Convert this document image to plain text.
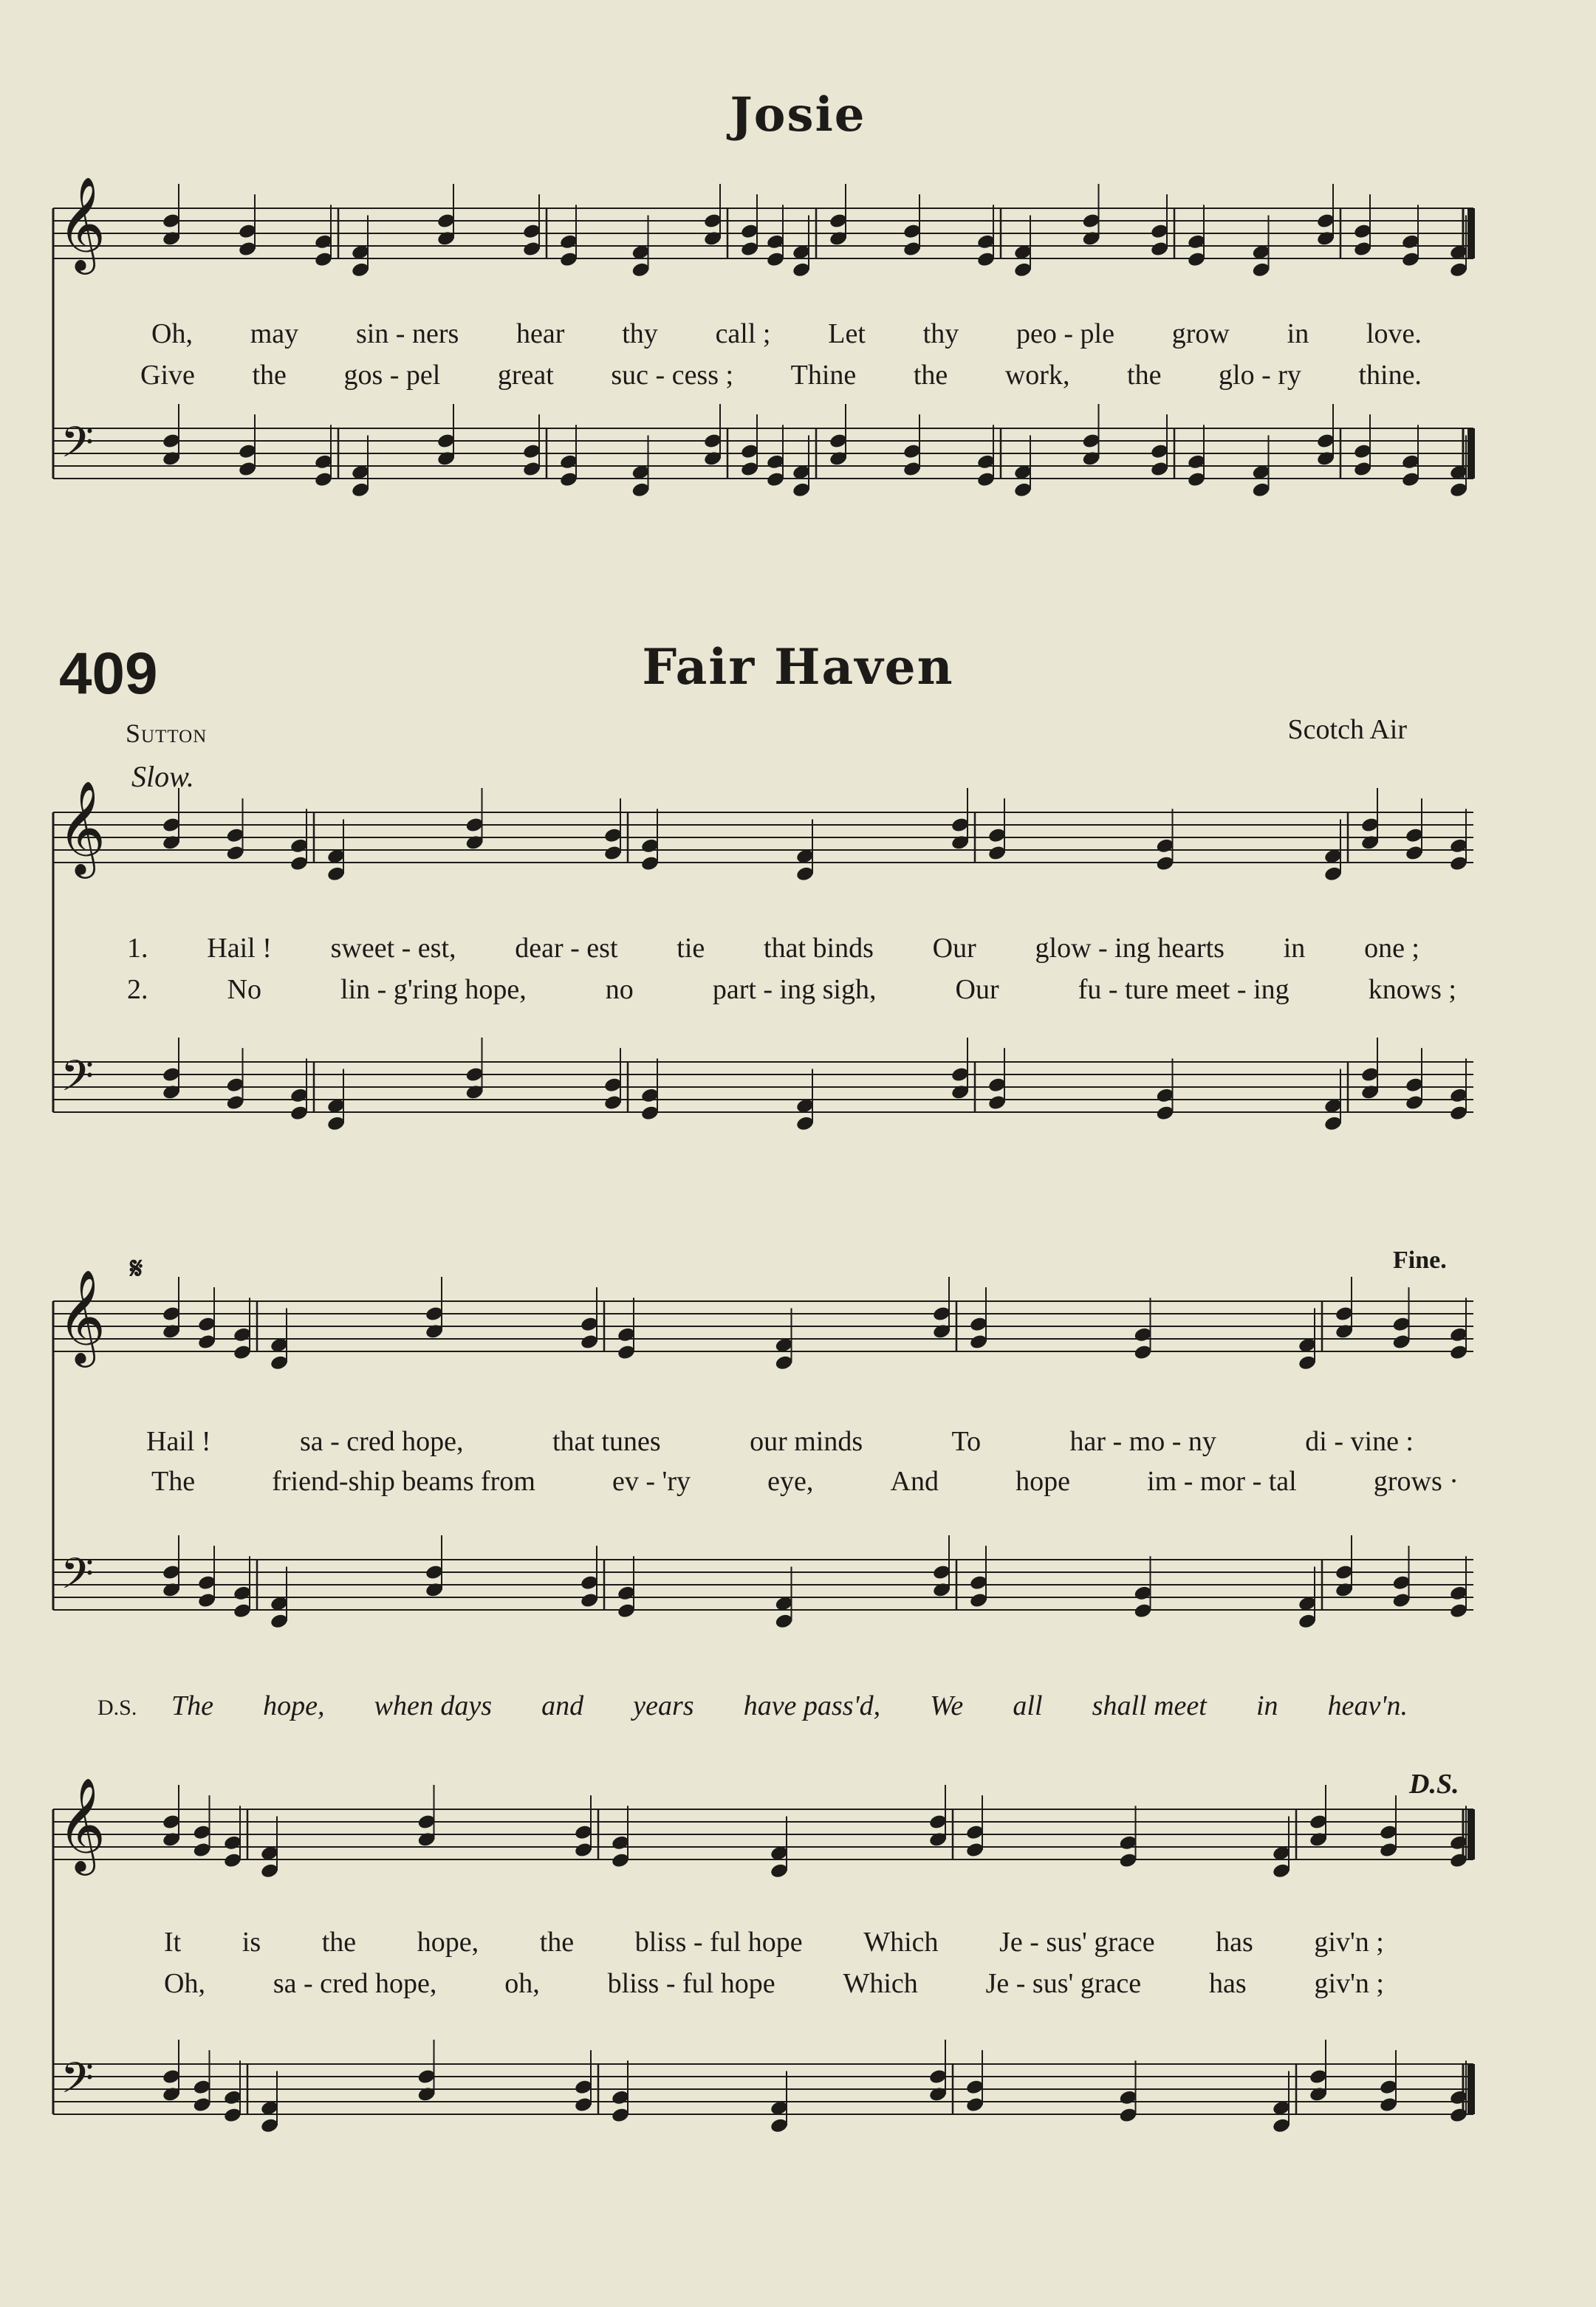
𝄞
𝄢
𝄞
𝄢
𝄞
𝄢
𝄞
𝄢
Josie
Oh, may sin - ners hear thy call ; Let thy peo - ple grow in love.
Give the gos - pel great suc - cess ; Thine the work, the glo - ry thine.
409	Fair Haven
Sutton	Scotch Air
Slow.
1. Hail ! sweet - est, dear - est tie that binds Our glow - ing hearts in one ;
2.	No	lin - g'ring hope,	no	part - ing sigh,	Our	fu - ture meet - ing	knows ;
𝄋	Fine.
Hail !	sa - cred hope,	that tunes	our minds	To	har - mo - ny	di - vine :
The	friend-ship beams from	ev - 'ry	eye,	And	hope	im - mor - tal	grows ·
D.S. The hope, when days and years have pass'd, We all shall meet in heav'n.
D.S.
It is the hope, the bliss - ful hope Which Je - sus' grace has giv'n ;
Oh, sa - cred hope, oh, bliss - ful hope Which Je - sus' grace has giv'n ;
